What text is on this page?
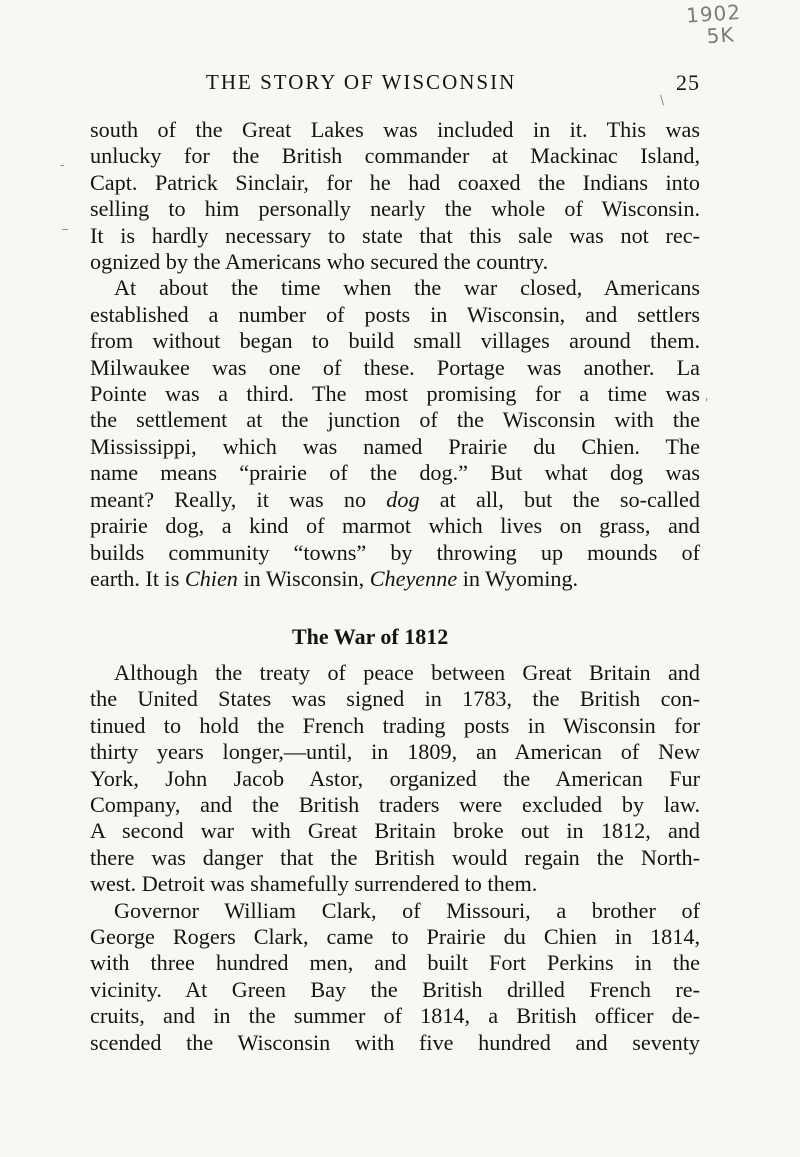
1902
5K
THE STORY OF WISCONSIN	25
-
_
'
\
south of the Great Lakes was included in it. This was
unlucky for the British commander at Mackinac Island,
Capt. Patrick Sinclair, for he had coaxed the Indians into
selling to him personally nearly the whole of Wisconsin.
It is hardly necessary to state that this sale was not rec-
ognized by the Americans who secured the country.
At about the time when the war closed, Americans
established a number of posts in Wisconsin, and settlers
from without began to build small villages around them.
Milwaukee was one of these. Portage was another. La
Pointe was a third. The most promising for a time was
the settlement at the junction of the Wisconsin with the
Mississippi, which was named Prairie du Chien. The
name means “prairie of the dog.” But what dog was
meant? Really, it was no dog at all, but the so-called
prairie dog, a kind of marmot which lives on grass, and
builds community “towns” by throwing up mounds of
earth. It is Chien in Wisconsin, Cheyenne in Wyoming.
The War of 1812
Although the treaty of peace between Great Britain and
the United States was signed in 1783, the British con-
tinued to hold the French trading posts in Wisconsin for
thirty years longer,—until, in 1809, an American of New
York, John Jacob Astor, organized the American Fur
Company, and the British traders were excluded by law.
A second war with Great Britain broke out in 1812, and
there was danger that the British would regain the North-
west. Detroit was shamefully surrendered to them.
Governor William Clark, of Missouri, a brother of
George Rogers Clark, came to Prairie du Chien in 1814,
with three hundred men, and built Fort Perkins in the
vicinity. At Green Bay the British drilled French re-
cruits, and in the summer of 1814, a British officer de-
scended the Wisconsin with five hundred and seventy
